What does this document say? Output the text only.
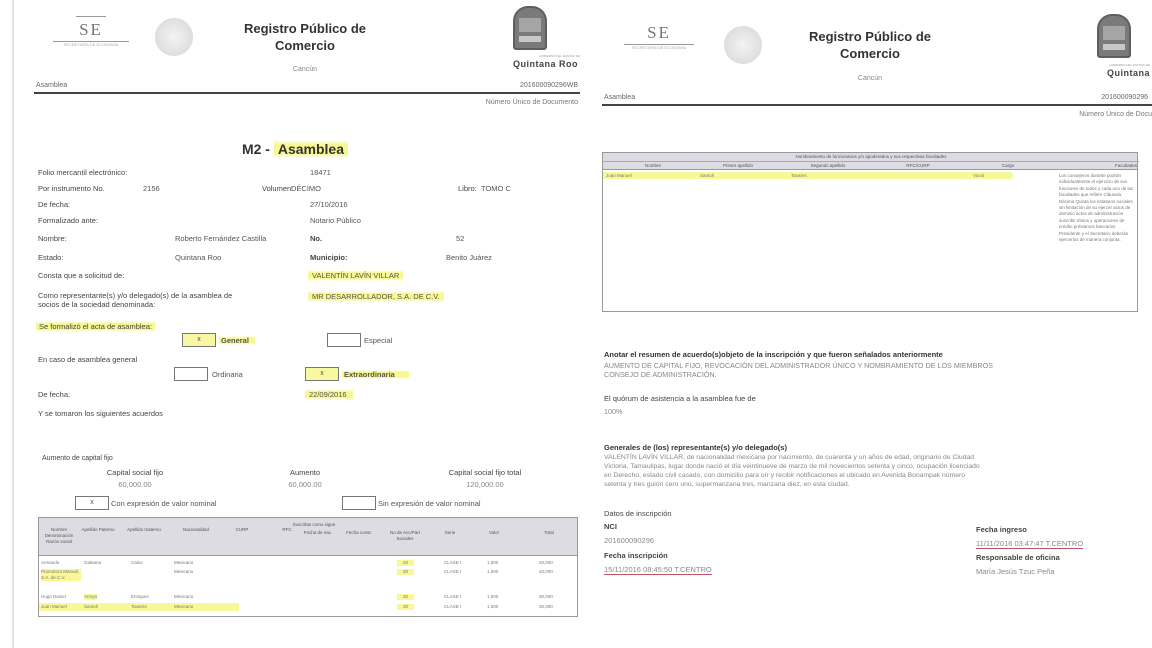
SE
SECRETARÍA DE ECONOMÍA
Registro Público de
Comercio
Cancún
GOBIERNO DEL ESTADO DE
Quintana Roo
Asamblea	201600090296WB
Número Único de Documento
M2 - Asamblea
Folio mercantil electrónico:	18471
Por instrumento No.	2156	Volumen:
DÉCIMO	Libro: TOMO C
De fecha:	27/10/2016
Formalizado ante:	Notario Público
Nombre:	Roberto Fernández Castilla	No.	52
Estado:	Quintana Roo	Municipio:	Benito Juárez
Consta que a solicitud de:	VALENTÍN LAVÍN VILLAR
Como representante(s) y/o delegado(s) de la asamblea de
socios de la sociedad denominada:
MR DESARROLLADOR, S.A. DE C.V.
Se formalizó el acta de asamblea:
x	General	Especial
En caso de asamblea general
Ordinaria	x	Extraordinaria
De fecha:	22/09/2016
Y se tomaron los siguientes acuerdos
Aumento de capital fijo
Capital social fijo
60,000.00
Aumento
60,000.00
Capital social fijo total
120,000.00
x	Con expresión de valor nominal	Sin expresión de valor nominal
Suscritas como sigue
Nombre Denominación Razón social
Apellido Paterno	Apellido materno	Nacionalidad	CURP	RFC
Fecha de nac.	Fecha const.	No de Acc/Part Sociales
Serie	Valor	Total
Armando	Galeana	Calvo	Mexicano	20	CLASE I	1,000	20,000
Promotora Manuel, S.A. de C.V.
Mexicano	40	CLASE I	1,000	40,000
Hugo Daniel	Arroyo	Enriquez	Mexicano	30	CLASE I	1,000	30,000
Juan Manuel	Santoh	Tavares	Mexicano	30	CLASE I	1,000	30,000
SE
SECRETARÍA DE ECONOMÍA
Registro Público de
Comercio
Cancún
GOBIERNO DEL ESTADO DE
Quintana
Asamblea	201600090296
Número Único de Docu
Nombramiento de funcionarios y/o apoderados y sus respectivas facultades
Nombre	Primer apellido	Segundo apellido	RFC/CURP	Cargo	Facultades
Juan Manuel	Santoh	Tavares	Vocal	Los consejeros durante podrán individualmente el ejercicio de sus funciones de todos y cada uno de las facultades que refiere Cláusula Décima Quinta los estatutos sociales sin limitación de su ejercer actos de dominio actos de administración suscribir títulos y operaciones de crédito préstamos bancarios Presidente y el Secretario deberán ejercerlos de manera conjunta.
Anotar el resumen de acuerdo(s)objeto de la inscripción y que fueron señalados anteriormente
AUMENTO DE CAPITAL FIJO, REVOCACIÓN DEL ADMINISTRADOR ÚNICO Y NOMBRAMIENTO DE LOS MIEMBROS
CONSEJO DE ADMINISTRACIÓN.
El quórum de asistencia a la asamblea fue de
100%
Generales de (los) representante(s) y/o delegado(s)
VALENTÍN LAVÍN VILLAR, de nacionalidad mexicana por nacimiento, de cuarenta y un años de edad, originario de Ciudad
Victoria, Tamaulipas, lugar donde nació el día veintinueve de marzo de mil novecientos setenta y cinco, ocupación licenciado
en Derecho, estado civil casado, con domicilio para oír y recibir notificaciones el ubicado en Avenida Bonampak número
setenta y tres guión cero uno, supermanzana tres, manzana diez, en esta ciudad.
Datos de inscripción
NCI
201600090296
Fecha inscripción
15/11/2016 08:45:50 T.CENTRO
Fecha ingreso
11/11/2016 03:47:47 T.CENTRO
Responsable de oficina
María Jesús Tzuc Peña
